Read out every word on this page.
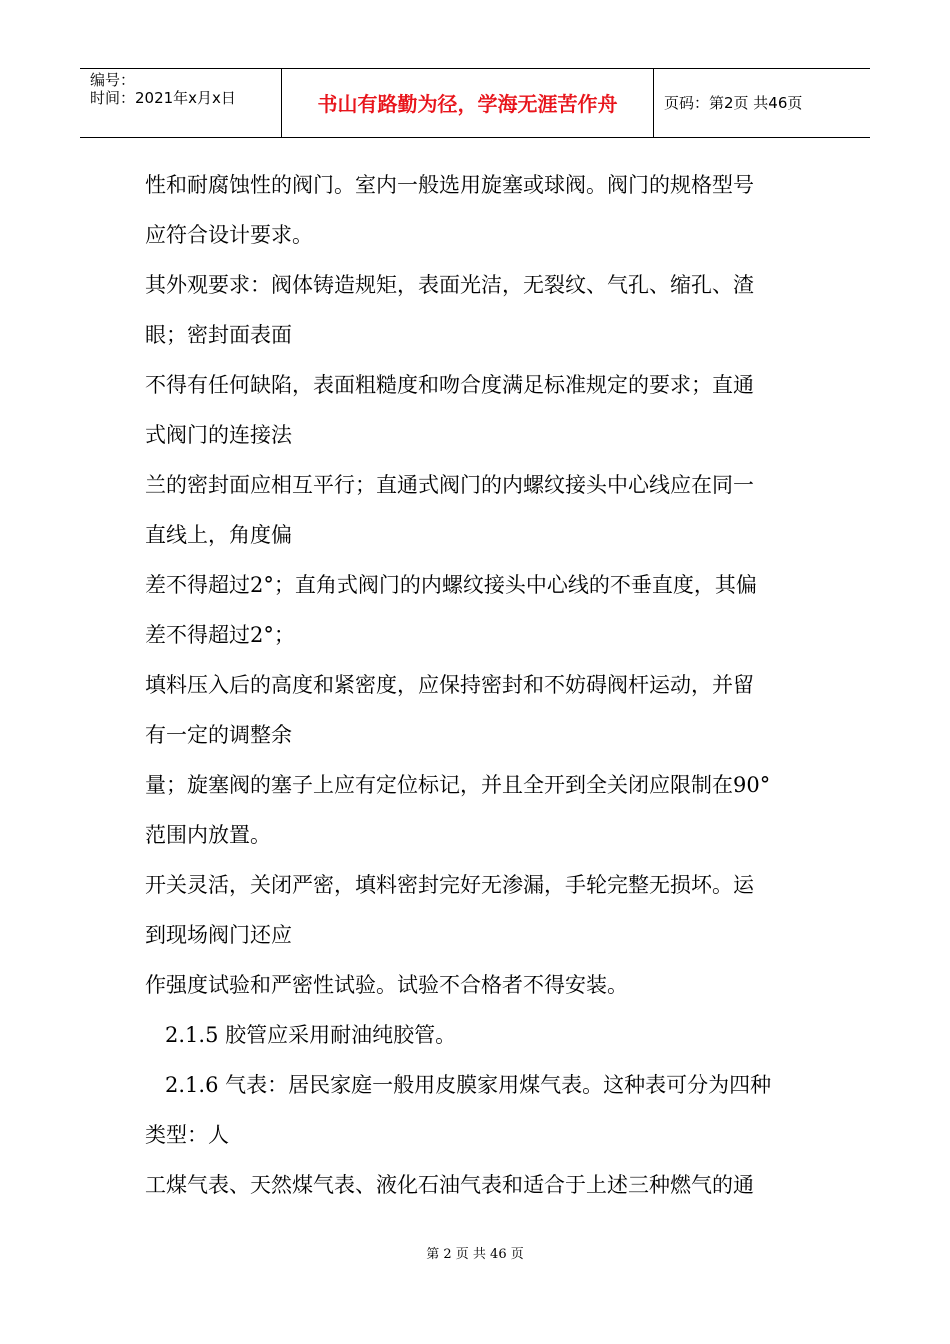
编号：
时间：2021年x月x日	书山有路勤为径，学海无涯苦作舟	页码：第2页 共46页
性和耐腐蚀性的阀门。室内一般选用旋塞或球阀。阀门的规格型号
应符合设计要求。
其外观要求：阀体铸造规矩，表面光洁，无裂纹、气孔、缩孔、渣
眼；密封面表面
不得有任何缺陷，表面粗糙度和吻合度满足标准规定的要求；直通
式阀门的连接法
兰的密封面应相互平行；直通式阀门的内螺纹接头中心线应在同一
直线上，角度偏
差不得超过2°；直角式阀门的内螺纹接头中心线的不垂直度，其偏
差不得超过2°；
填料压入后的高度和紧密度，应保持密封和不妨碍阀杆运动，并留
有一定的调整余
量；旋塞阀的塞子上应有定位标记，并且全开到全关闭应限制在90°
范围内放置。
开关灵活，关闭严密，填料密封完好无渗漏，手轮完整无损坏。运
到现场阀门还应
作强度试验和严密性试验。试验不合格者不得安装。
2.1.5 胶管应采用耐油纯胶管。
2.1.6 气表：居民家庭一般用皮膜家用煤气表。这种表可分为四种
类型：人
工煤气表、天然煤气表、液化石油气表和适合于上述三种燃气的通
第 2 页 共 46 页
